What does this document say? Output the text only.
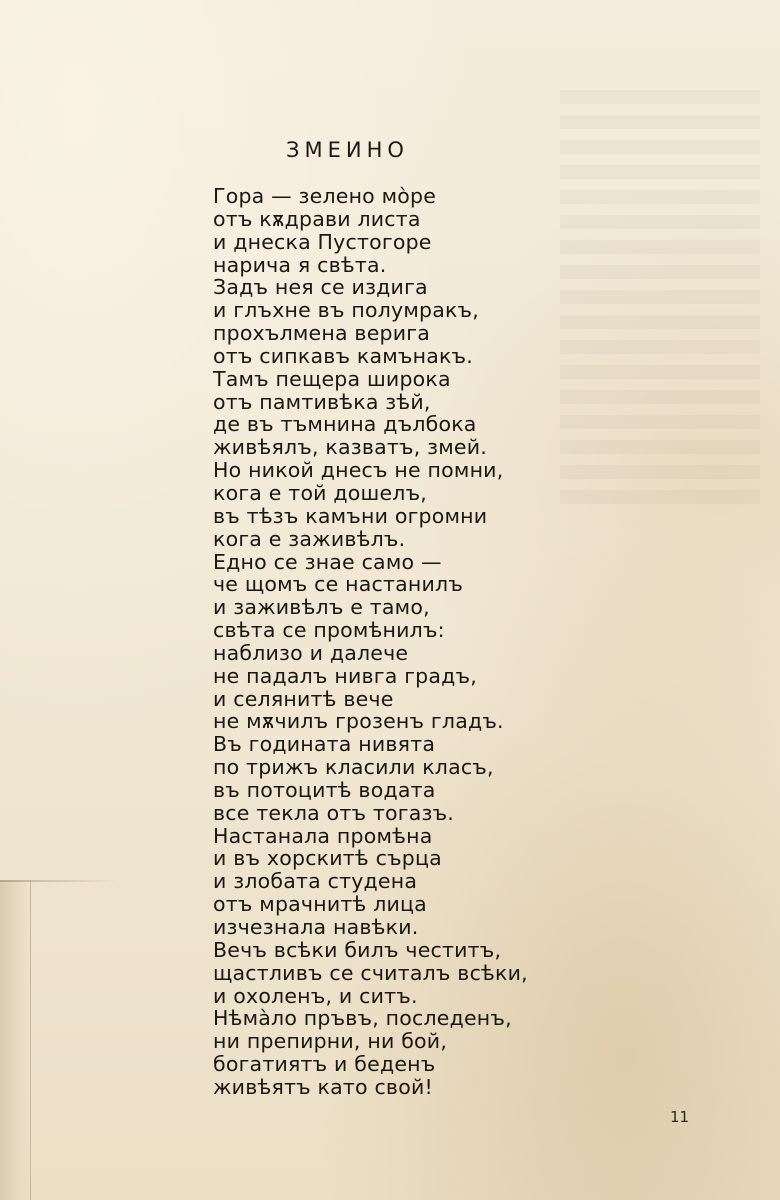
ЗМЕИНО
Гора — зелено мо̀ре
отъ кѫдрави листа
и днеска Пустогоре
нарича я свѣта.
Задъ нея се издига
и глъхне въ полумракъ,
прохълмена верига
отъ сипкавъ камънакъ.
Тамъ пещера широка
отъ памтивѣка зѣй,
де въ тъмнина дълбока
живѣялъ, казватъ, змей.
Но никой днесъ не помни,
кога е той дошелъ,
въ тѣзъ камъни огромни
кога е заживѣлъ.
Едно се знае само —
че щомъ се настанилъ
и заживѣлъ е тамо,
свѣта се промѣнилъ:
наблизо и далече
не падалъ нивга градъ,
и селянитѣ вече
не мѫчилъ грозенъ гладъ.
Въ годината нивята
по трижъ класили класъ,
въ потоцитѣ водата
все текла отъ тогазъ.
Настанала промѣна
и въ хорскитѣ сърца
и злобата студена
отъ мрачнитѣ лица
изчезнала навѣки.
Вечъ всѣки билъ честитъ,
щастливъ се считалъ всѣки,
и охоленъ, и ситъ.
Нѣма̀ло пръвъ, последенъ,
ни препирни, ни бой,
богатиятъ и беденъ
живѣятъ като свой!
11
